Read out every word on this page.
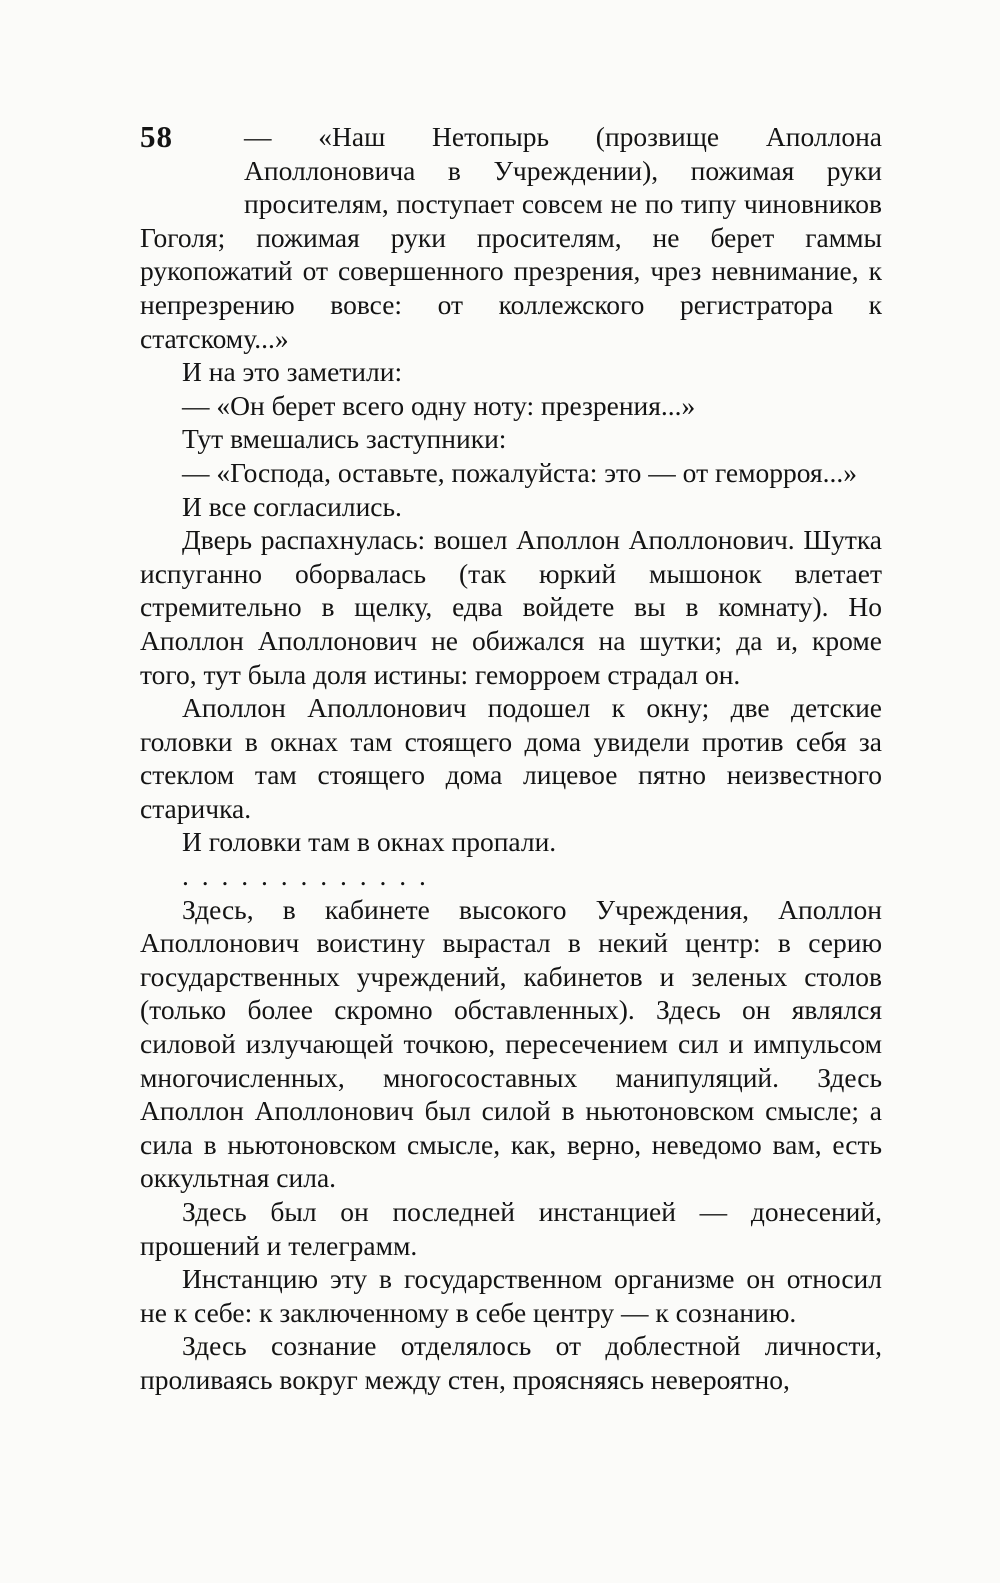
58	— «Наш Нетопырь (прозвище Аполлона Аполлоновича в Учреждении), пожимая руки просителям, поступает совсем не по типу чиновников Гоголя; пожимая руки просителям, не берет гаммы рукопожатий от совершенного презрения, чрез невнимание, к непрезрению вовсе: от коллежского регистратора к статскому...»

И на это заметили:

— «Он берет всего одну ноту: презрения...»

Тут вмешались заступники:

— «Господа, оставьте, пожалуйста: это — от геморроя...»

И все согласились.

Дверь распахнулась: вошел Аполлон Аполлонович. Шутка испуганно оборвалась (так юркий мышонок влетает стремительно в щелку, едва войдете вы в комнату). Но Аполлон Аполлонович не обижался на шутки; да и, кроме того, тут была доля истины: геморроем страдал он.

Аполлон Аполлонович подошел к окну; две детские головки в окнах там стоящего дома увидели против себя за стеклом там стоящего дома лицевое пятно неизвестного старичка.

И головки там в окнах пропали.

. . . . . . . . . . . . .

Здесь, в кабинете высокого Учреждения, Аполлон Аполлонович воистину вырастал в некий центр: в серию государственных учреждений, кабинетов и зеленых столов (только более скромно обставленных). Здесь он являлся силовой излучающей точкою, пересечением сил и импульсом многочисленных, многосоставных манипуляций. Здесь Аполлон Аполлонович был силой в ньютоновском смысле; а сила в ньютоновском смысле, как, верно, неведомо вам, есть оккультная сила.

Здесь был он последней инстанцией — донесений, прошений и телеграмм.

Инстанцию эту в государственном организме он относил не к себе: к заключенному в себе центру — к сознанию.

Здесь сознание отделялось от доблестной личности, проливаясь вокруг между стен, проясняясь невероятно,
